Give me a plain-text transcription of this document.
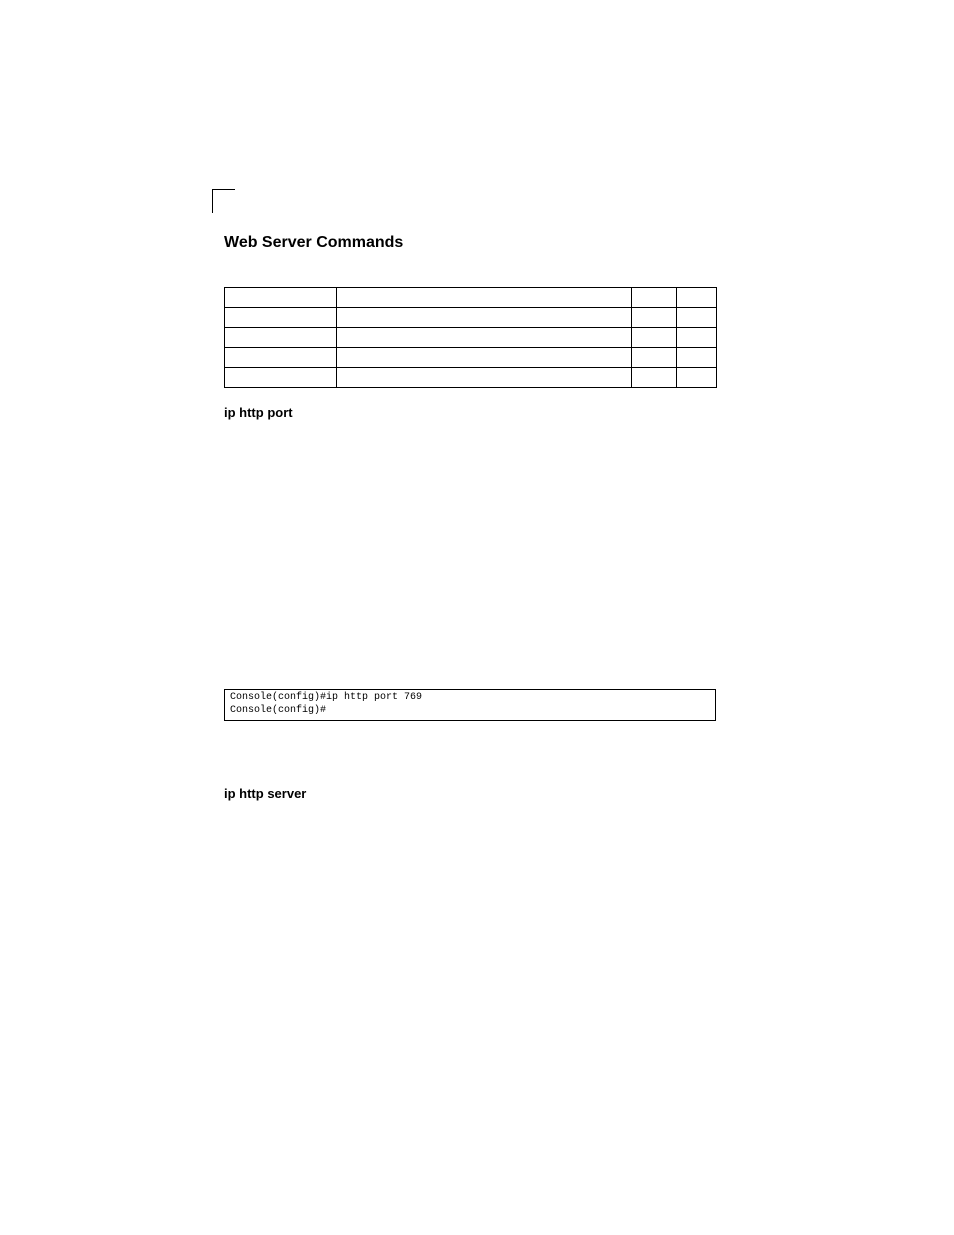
Web Server Commands

ip http port
Console(config)#ip http port 769
Console(config)#
ip http server
